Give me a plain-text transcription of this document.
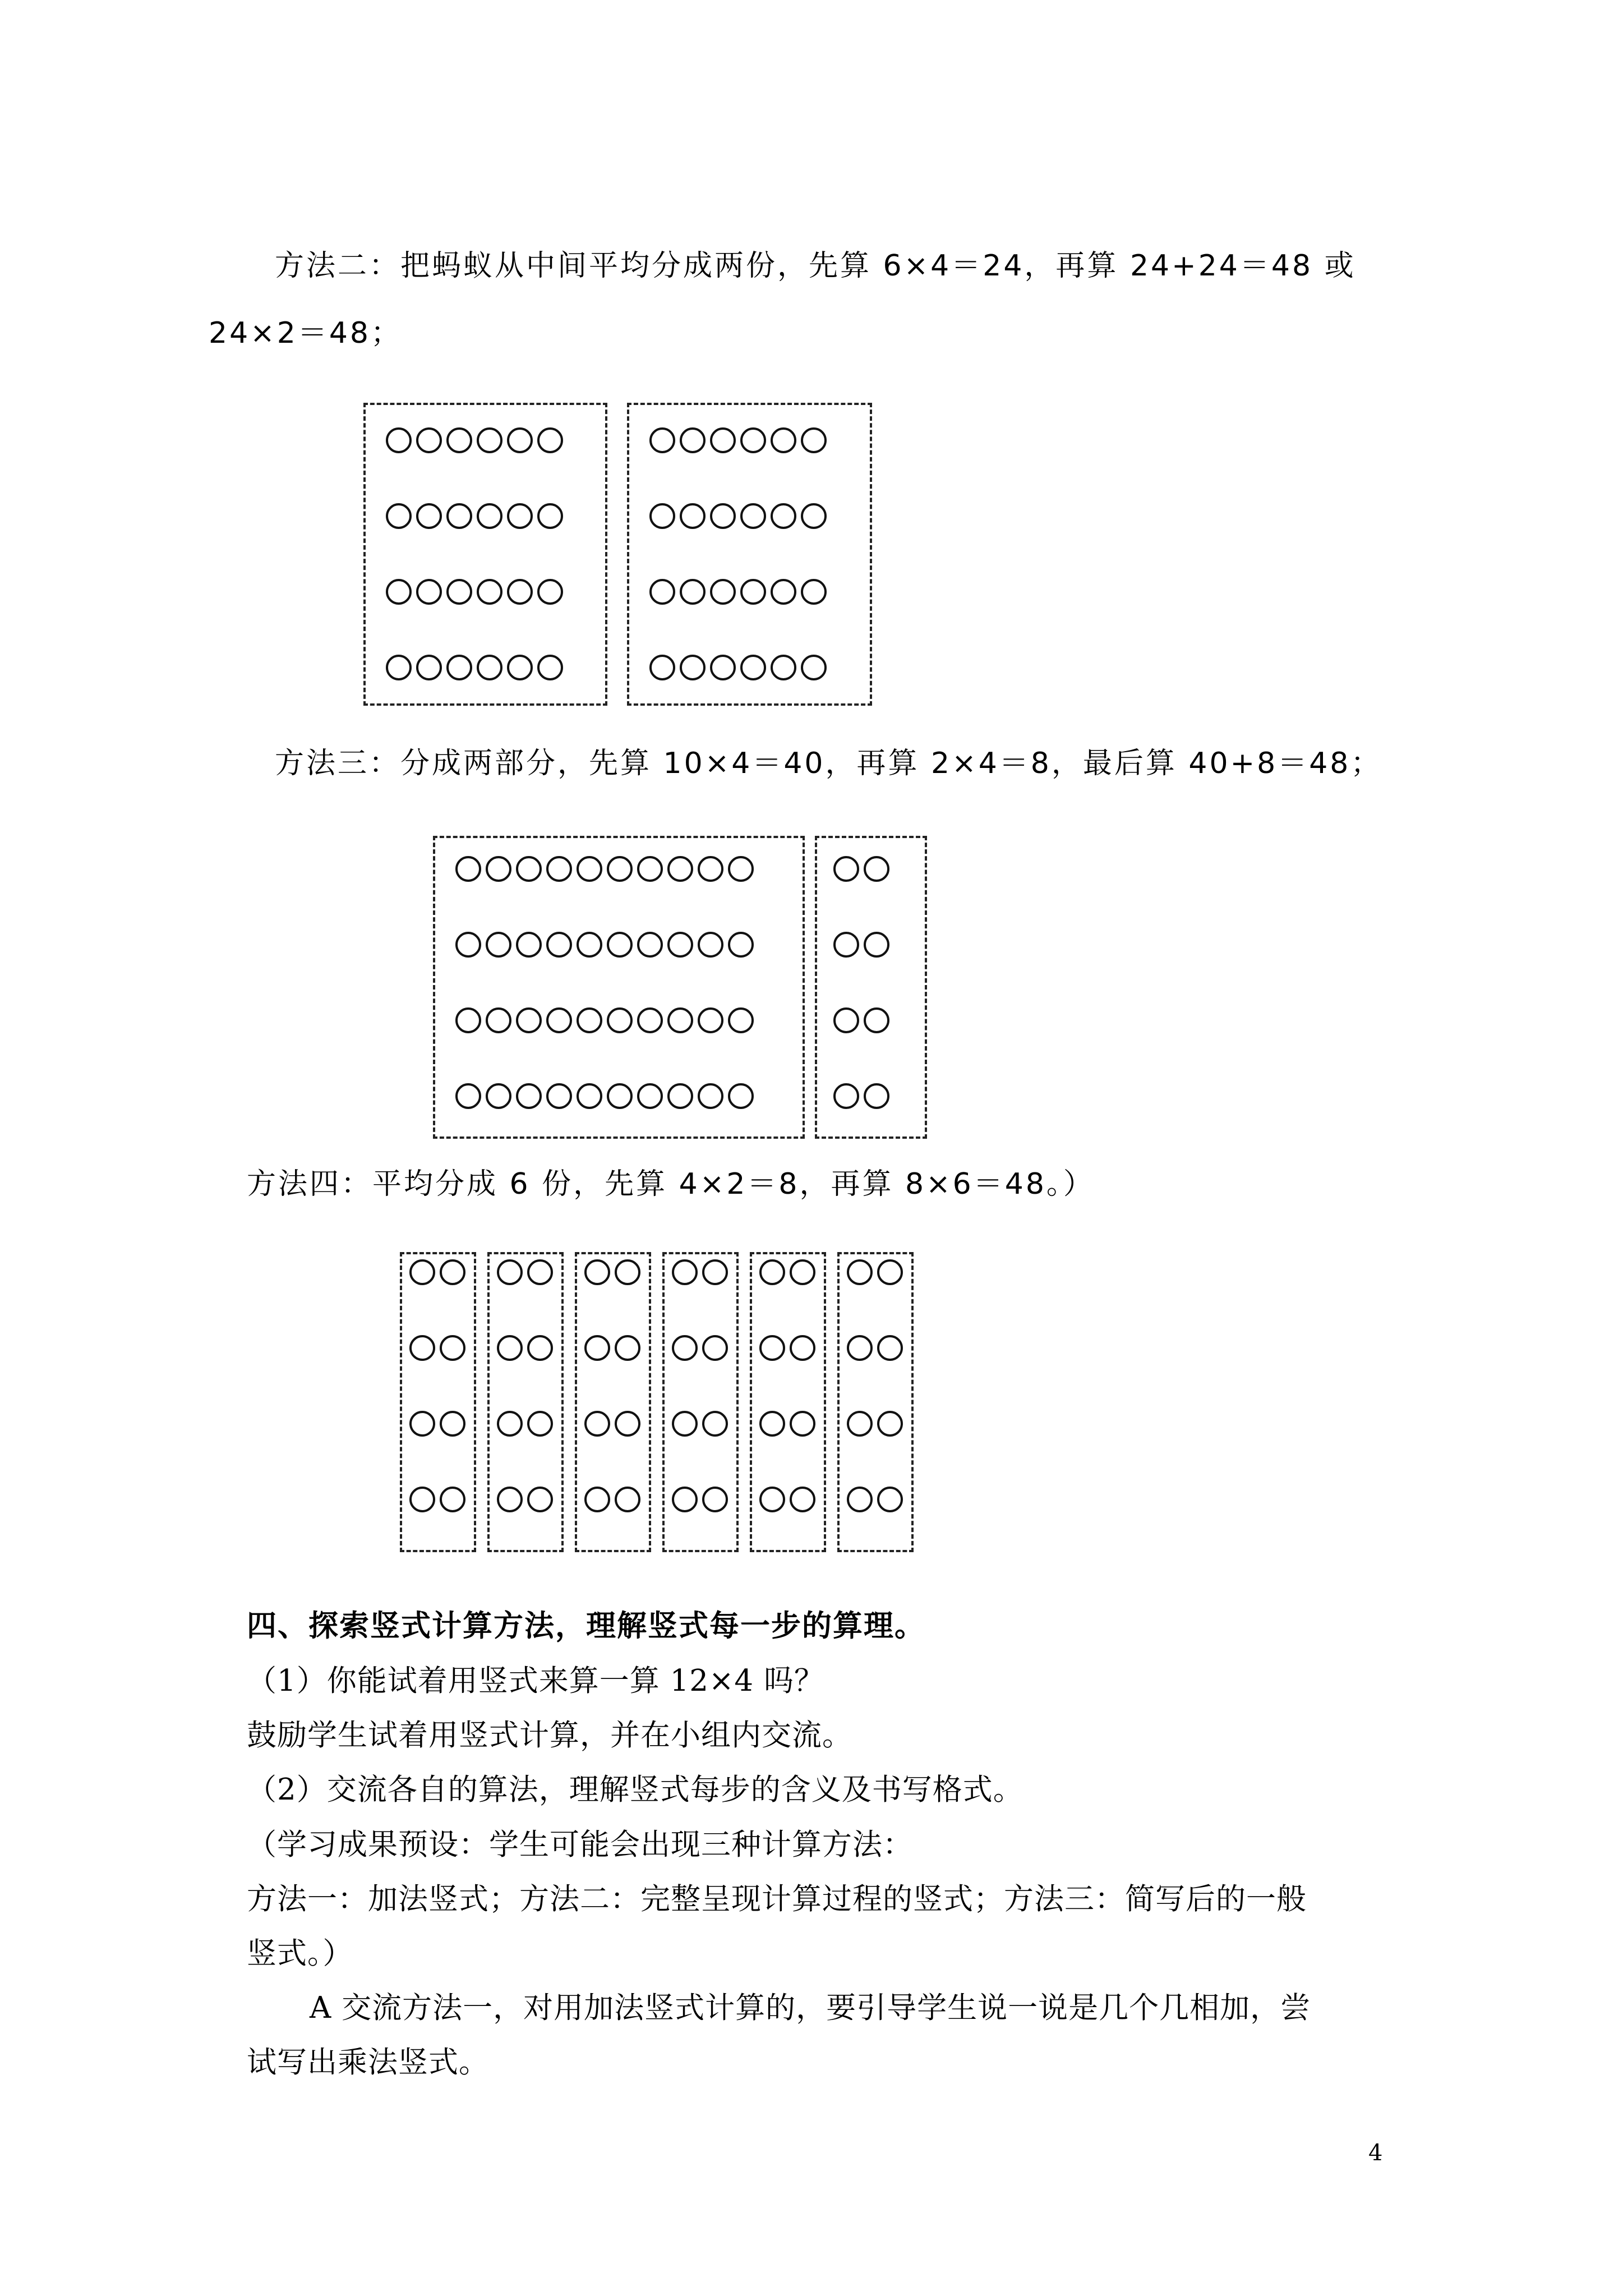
方法二：把蚂蚁从中间平均分成两份，先算 6×4＝24，再算 24+24＝48 或
24×2＝48；
方法三：分成两部分，先算 10×4＝40，再算 2×4＝8，最后算 40+8＝48；
方法四：平均分成 6 份，先算 4×2＝8，再算 8×6＝48。）
四、探索竖式计算方法，理解竖式每一步的算理。
（1）你能试着用竖式来算一算 12×4 吗？
鼓励学生试着用竖式计算，并在小组内交流。
（2）交流各自的算法，理解竖式每步的含义及书写格式。
（学习成果预设：学生可能会出现三种计算方法：
方法一：加法竖式；方法二：完整呈现计算过程的竖式；方法三：简写后的一般
竖式。）
A 交流方法一，对用加法竖式计算的，要引导学生说一说是几个几相加，尝
试写出乘法竖式。
4
